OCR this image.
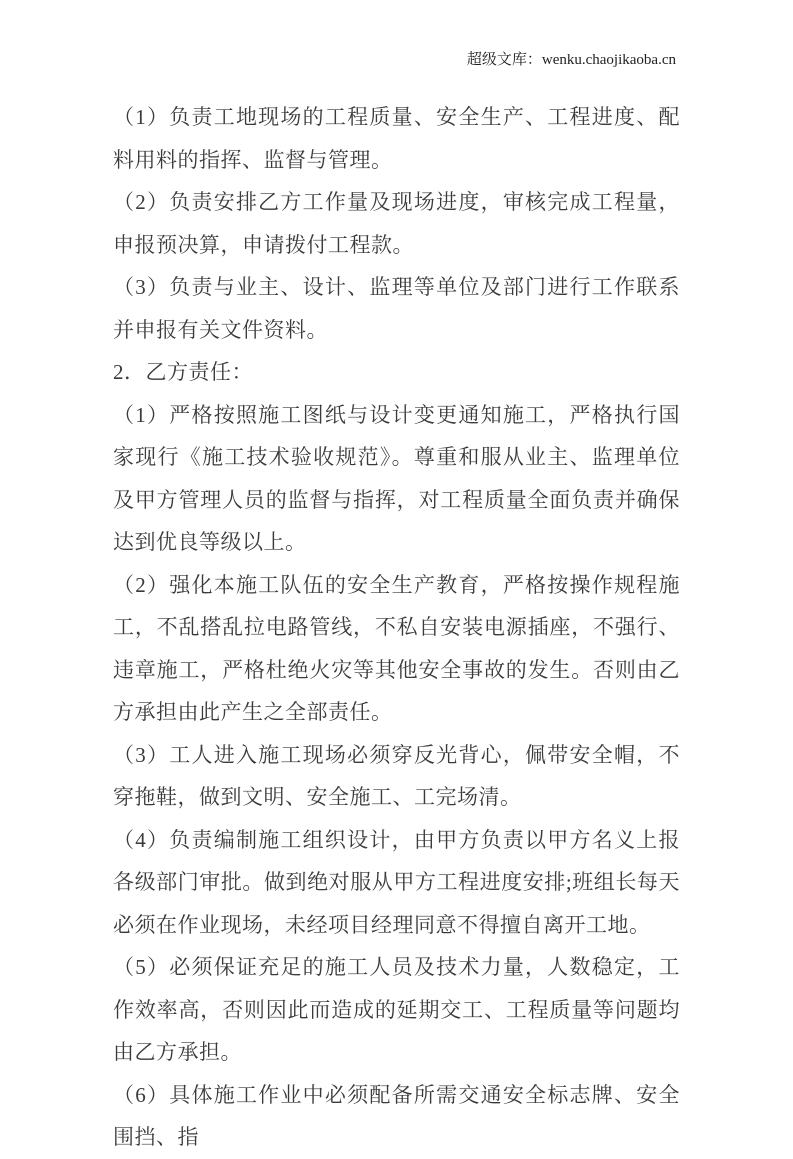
超级文库：wenku.chaojikaoba.cn

（1）负责工地现场的工程质量、安全生产、工程进度、配料用料的指挥、监督与管理。

（2）负责安排乙方工作量及现场进度，审核完成工程量，申报预决算，申请拨付工程款。

（3）负责与业主、设计、监理等单位及部门进行工作联系并申报有关文件资料。

2．乙方责任：

（1）严格按照施工图纸与设计变更通知施工，严格执行国家现行《施工技术验收规范》。尊重和服从业主、监理单位及甲方管理人员的监督与指挥，对工程质量全面负责并确保达到优良等级以上。

（2）强化本施工队伍的安全生产教育，严格按操作规程施工，不乱搭乱拉电路管线，不私自安装电源插座，不强行、违章施工，严格杜绝火灾等其他安全事故的发生。否则由乙方承担由此产生之全部责任。

（3）工人进入施工现场必须穿反光背心，佩带安全帽，不穿拖鞋，做到文明、安全施工、工完场清。

（4）负责编制施工组织设计，由甲方负责以甲方名义上报各级部门审批。做到绝对服从甲方工程进度安排;班组长每天必须在作业现场，未经项目经理同意不得擅自离开工地。

（5）必须保证充足的施工人员及技术力量，人数稳定，工作效率高，否则因此而造成的延期交工、工程质量等问题均由乙方承担。

（6）具体施工作业中必须配备所需交通安全标志牌、安全围挡、指
